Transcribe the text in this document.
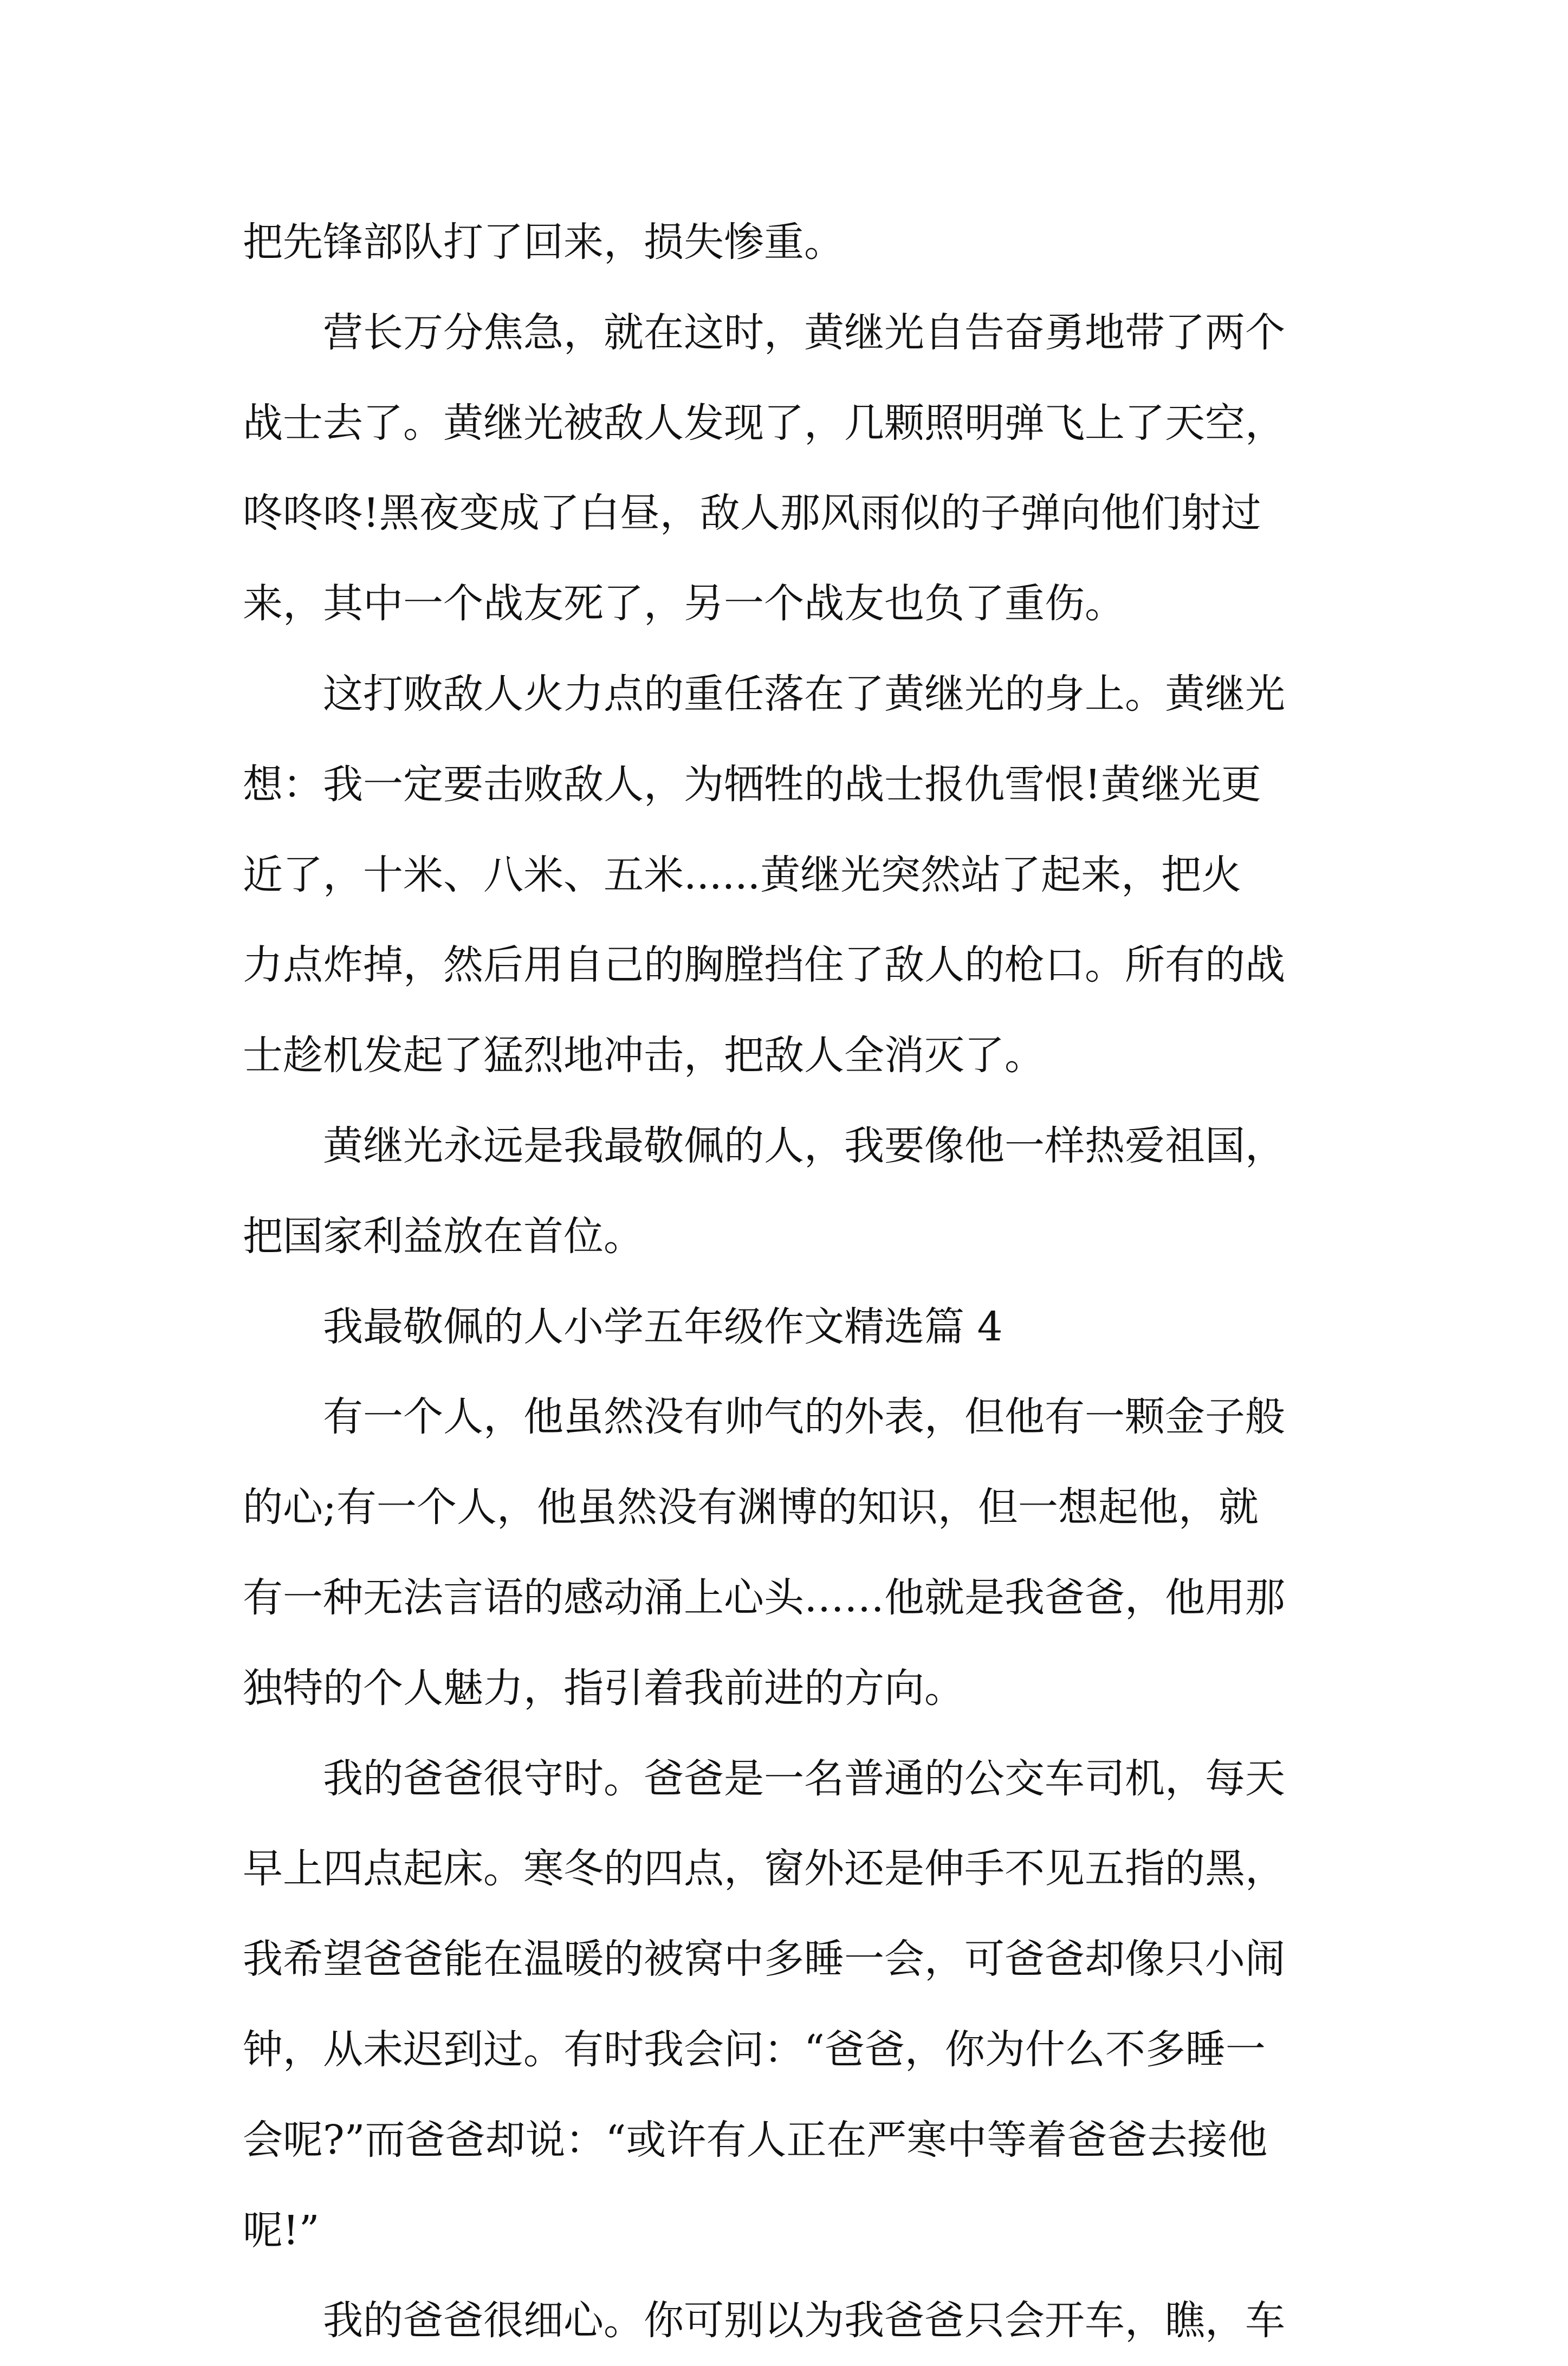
把先锋部队打了回来，损失惨重。
营长万分焦急，就在这时，黄继光自告奋勇地带了两个
战士去了。黄继光被敌人发现了，几颗照明弹飞上了天空，
咚咚咚!黑夜变成了白昼，敌人那风雨似的子弹向他们射过
来，其中一个战友死了，另一个战友也负了重伤。
这打败敌人火力点的重任落在了黄继光的身上。黄继光
想：我一定要击败敌人，为牺牲的战士报仇雪恨!黄继光更
近了，十米、八米、五米......黄继光突然站了起来，把火
力点炸掉，然后用自己的胸膛挡住了敌人的枪口。所有的战
士趁机发起了猛烈地冲击，把敌人全消灭了。
黄继光永远是我最敬佩的人，我要像他一样热爱祖国，
把国家利益放在首位。
我最敬佩的人小学五年级作文精选篇 4
有一个人，他虽然没有帅气的外表，但他有一颗金子般
的心;有一个人，他虽然没有渊博的知识，但一想起他，就
有一种无法言语的感动涌上心头……他就是我爸爸，他用那
独特的个人魅力，指引着我前进的方向。
我的爸爸很守时。爸爸是一名普通的公交车司机，每天
早上四点起床。寒冬的四点，窗外还是伸手不见五指的黑，
我希望爸爸能在温暖的被窝中多睡一会，可爸爸却像只小闹
钟，从未迟到过。有时我会问：“爸爸，你为什么不多睡一
会呢?”而爸爸却说：“或许有人正在严寒中等着爸爸去接他
呢!”
我的爸爸很细心。你可别以为我爸爸只会开车，瞧，车
